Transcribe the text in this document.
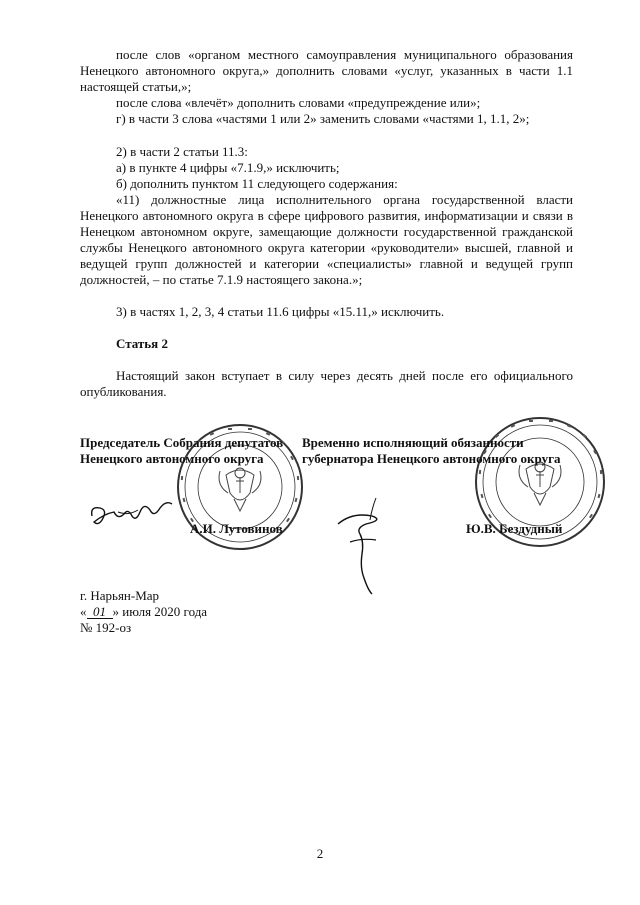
после слов «органом местного самоуправления муниципального образования

Ненецкого автономного округа,» дополнить словами «услуг, указанных в части 1.1

настоящей статьи,»;

после слова «влечёт» дополнить словами «предупреждение или»;

г) в части 3 слова «частями 1 или 2» заменить словами «частями 1, 1.1, 2»;

2) в части 2 статьи 11.3:

а) в пункте 4 цифры «7.1.9,» исключить;

б) дополнить пунктом 11 следующего содержания:

«11) должностные лица исполнительного органа государственной власти

Ненецкого автономного округа в сфере цифрового развития, информатизации и связи в

Ненецком автономном округе, замещающие должности государственной гражданской

службы Ненецкого автономного округа категории «руководители» высшей, главной и

ведущей групп должностей и категории «специалисты» главной и ведущей групп

должностей, – по статье 7.1.9 настоящего закона.»;

3) в частях 1, 2, 3, 4 статьи 11.6 цифры «15.11,» исключить.

Статья 2

Настоящий закон вступает в силу через десять дней после его официального

опубликования.

Председатель Собрания депутатов

Ненецкого автономного округа

Временно исполняющий обязанности

губернатора Ненецкого автономного округа

А.И. Лутовинов	Ю.В. Бездудный
г. Нарьян-Мар
« 01 » июля 2020 года
№ 192-оз
2
